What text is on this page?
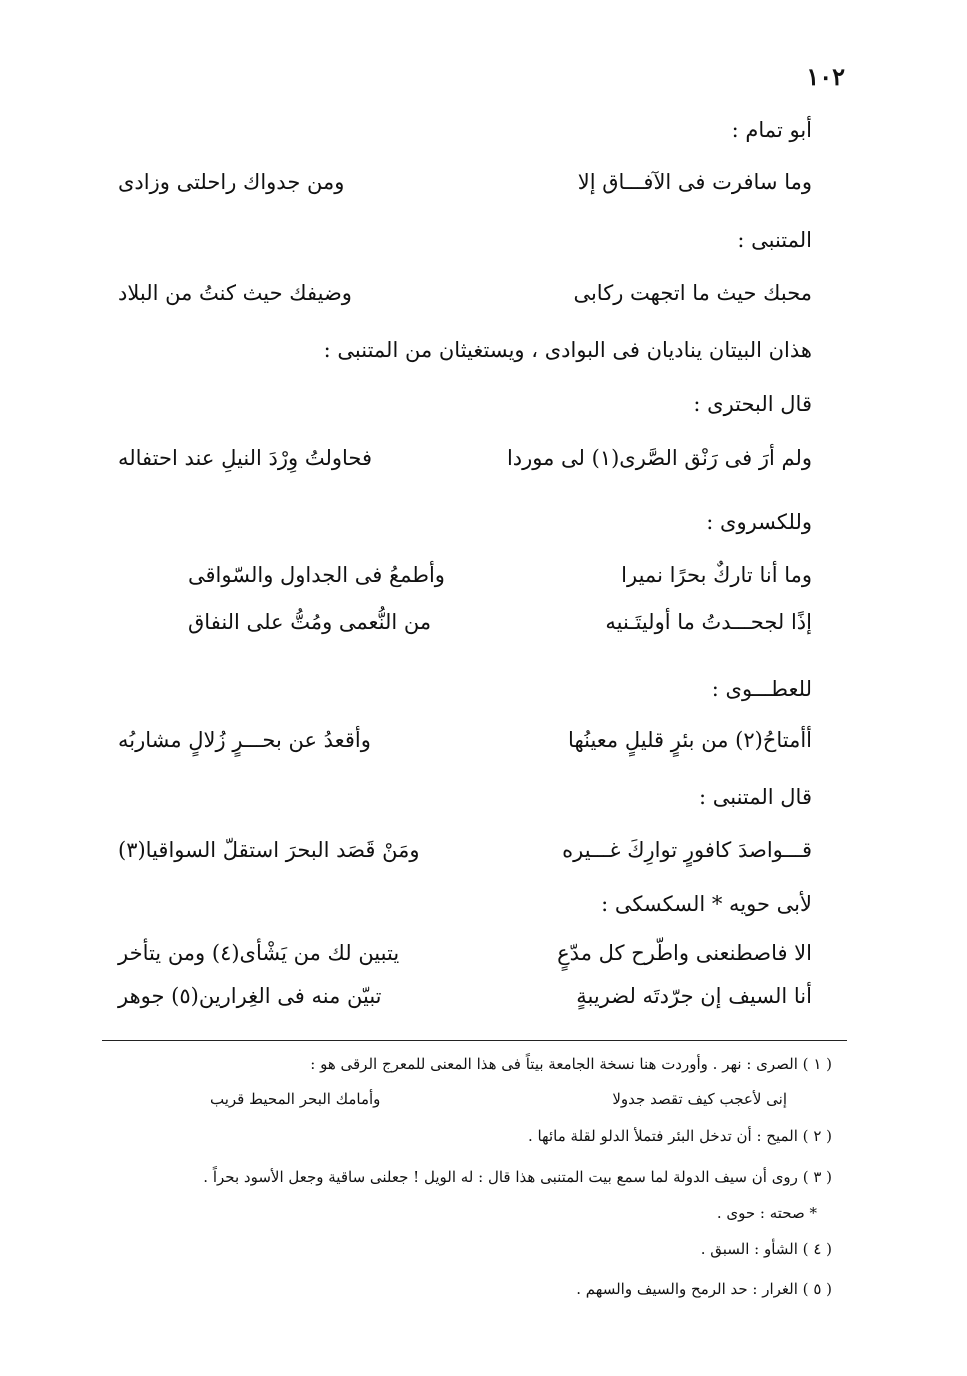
١٠٢
أبو تمام :
وما سافرت فى الآفـــاق إلا
ومن جدواك راحلتى وزادى
المتنبى :
محبك حيث ما اتجهت ركابى
وضيفك حيث كنتُ من البلاد
هذان البيتان يناديان فى البوادى ، ويستغيثان من المتنبى :
قال البحترى :
ولم أرَ فى رَنْق الصَّرى(١) لى موردا
فحاولتُ وِرْدَ النيلِ عند احتفاله
وللكسروى :
وما أنا تاركٌ بحرًا نميرا
وأطمعُ فى الجداول والسّواقى
إذًا لجحـــدتُ ما أوليتَـنيه
من النُّعمى ومُتُّ على النفاق
للعطـــوى :
أأمتاحُ(٢) من بئرٍ قليلٍ معينُها
وأقعدُ عن بحـــرٍ زُلالٍ مشاربُه
قال المتنبى :
قـــواصدَ كافورٍ توارِكَ غـــيره
ومَنْ قَصَد البحرَ استقلّ السواقيا(٣)
لأبى حويه * السكسكى :
الا فاصطنعنى واطّرح كل مدّعٍ
يتبين لك من يَشْأى(٤) ومن يتأخر
أنا السيف إن جرّدتَه لضريبةٍ
تبيّن منه فى الغِرارين(٥) جوهر
( ١ ) الصرى : نهر . وأوردت هنا نسخة الجامعة بيتاً فى هذا المعنى للمعرج الرقى هو :
إنى لأعجب كيف تقصد جدولا
وأمامك البحر المحيط قريب
( ٢ ) الميح : أن تدخل البئر فتملأ الدلو لقلة مائها .
( ٣ ) روى أن سيف الدولة لما سمع بيت المتنبى هذا قال : له الويل ! جعلنى ساقية وجعل الأسود بحراً .
* صحته : حوى .
( ٤ ) الشأو : السبق .
( ٥ ) الغرار : حد الرمح والسيف والسهم .
